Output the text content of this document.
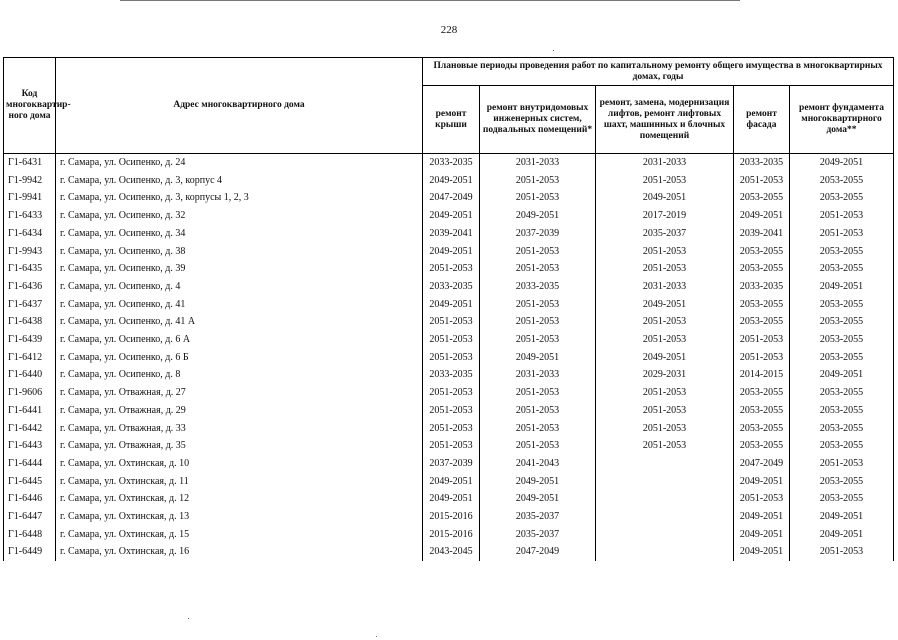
228
Код многоквартир-ного дома	Адрес многоквартирного дома	Плановые периоды проведения работ по капитальному ремонту общего имущества в многоквартирных домах, годы				
		ремонт крыши	ремонт внутридомовых инженерных систем, подвальных помещений*	ремонт, замена, модернизация лифтов, ремонт лифтовых шахт, машинных и блочных помещений	ремонт фасада	ремонт фундамента многоквартирного дома**
Г1-6431	г. Самара, ул. Осипенко, д. 24	2033-2035	2031-2033	2031-2033	2033-2035	2049-2051
Г1-9942	г. Самара, ул. Осипенко, д. 3, корпус 4	2049-2051	2051-2053	2051-2053	2051-2053	2053-2055
Г1-9941	г. Самара, ул. Осипенко, д. 3, корпусы 1, 2, 3	2047-2049	2051-2053	2049-2051	2053-2055	2053-2055
Г1-6433	г. Самара, ул. Осипенко, д. 32	2049-2051	2049-2051	2017-2019	2049-2051	2051-2053
Г1-6434	г. Самара, ул. Осипенко, д. 34	2039-2041	2037-2039	2035-2037	2039-2041	2051-2053
Г1-9943	г. Самара, ул. Осипенко, д. 38	2049-2051	2051-2053	2051-2053	2053-2055	2053-2055
Г1-6435	г. Самара, ул. Осипенко, д. 39	2051-2053	2051-2053	2051-2053	2053-2055	2053-2055
Г1-6436	г. Самара, ул. Осипенко, д. 4	2033-2035	2033-2035	2031-2033	2033-2035	2049-2051
Г1-6437	г. Самара, ул. Осипенко, д. 41	2049-2051	2051-2053	2049-2051	2053-2055	2053-2055
Г1-6438	г. Самара, ул. Осипенко, д. 41 А	2051-2053	2051-2053	2051-2053	2053-2055	2053-2055
Г1-6439	г. Самара, ул. Осипенко, д. 6 А	2051-2053	2051-2053	2051-2053	2051-2053	2053-2055
Г1-6412	г. Самара, ул. Осипенко, д. 6 Б	2051-2053	2049-2051	2049-2051	2051-2053	2053-2055
Г1-6440	г. Самара, ул. Осипенко, д. 8	2033-2035	2031-2033	2029-2031	2014-2015	2049-2051
Г1-9606	г. Самара, ул. Отважная, д. 27	2051-2053	2051-2053	2051-2053	2053-2055	2053-2055
Г1-6441	г. Самара, ул. Отважная, д. 29	2051-2053	2051-2053	2051-2053	2053-2055	2053-2055
Г1-6442	г. Самара, ул. Отважная, д. 33	2051-2053	2051-2053	2051-2053	2053-2055	2053-2055
Г1-6443	г. Самара, ул. Отважная, д. 35	2051-2053	2051-2053	2051-2053	2053-2055	2053-2055
Г1-6444	г. Самара, ул. Охтинская, д. 10	2037-2039	2041-2043		2047-2049	2051-2053
Г1-6445	г. Самара, ул. Охтинская, д. 11	2049-2051	2049-2051		2049-2051	2053-2055
Г1-6446	г. Самара, ул. Охтинская, д. 12	2049-2051	2049-2051		2051-2053	2053-2055
Г1-6447	г. Самара, ул. Охтинская, д. 13	2015-2016	2035-2037		2049-2051	2049-2051
Г1-6448	г. Самара, ул. Охтинская, д. 15	2015-2016	2035-2037		2049-2051	2049-2051
Г1-6449	г. Самара, ул. Охтинская, д. 16	2043-2045	2047-2049		2049-2051	2051-2053
